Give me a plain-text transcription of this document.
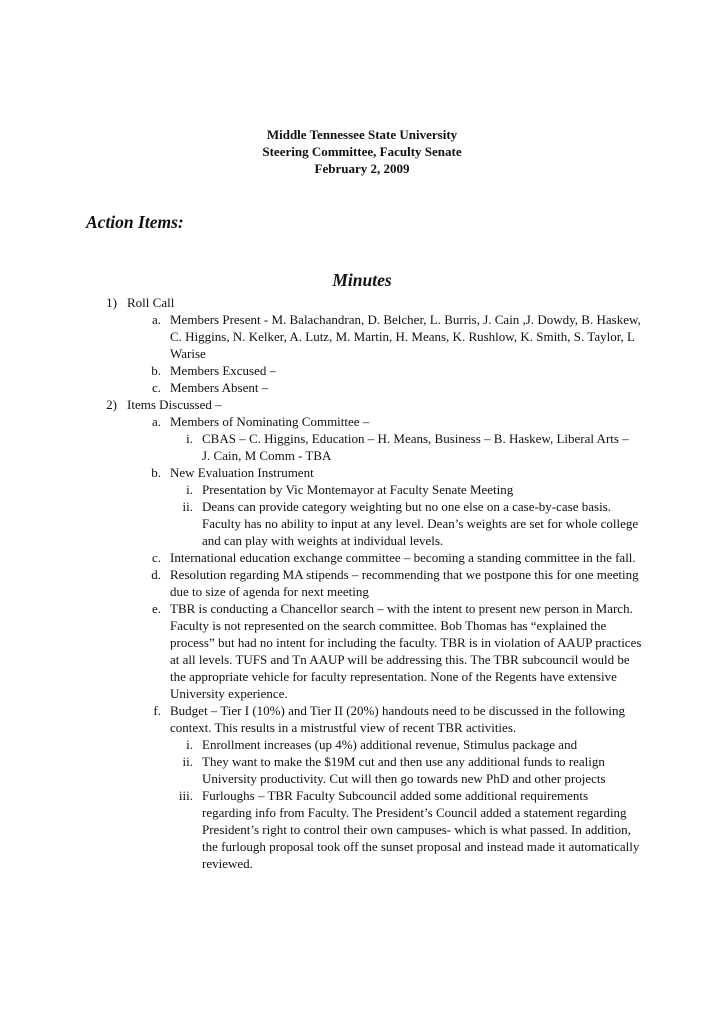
Middle Tennessee State University
Steering Committee, Faculty Senate
February 2, 2009
Action Items:
Minutes
1) Roll Call
a. Members Present - M. Balachandran, D. Belcher, L. Burris, J. Cain ,J. Dowdy, B. Haskew, C. Higgins, N. Kelker, A. Lutz, M. Martin, H. Means, K. Rushlow, K. Smith, S. Taylor, L Warise
b. Members Excused –
c. Members Absent –
2) Items Discussed –
a. Members of Nominating Committee –
i. CBAS – C. Higgins, Education – H. Means, Business – B. Haskew, Liberal Arts – J. Cain, M Comm - TBA
b. New Evaluation Instrument
i. Presentation by Vic Montemayor at Faculty Senate Meeting
ii. Deans can provide category weighting but no one else on a case-by-case basis. Faculty has no ability to input at any level. Dean’s weights are set for whole college and can play with weights at individual levels.
c. International education exchange committee – becoming a standing committee in the fall.
d. Resolution regarding MA stipends – recommending that we postpone this for one meeting due to size of agenda for next meeting
e. TBR is conducting a Chancellor search – with the intent to present new person in March. Faculty is not represented on the search committee. Bob Thomas has “explained the process” but had no intent for including the faculty. TBR is in violation of AAUP practices at all levels. TUFS and Tn AAUP will be addressing this. The TBR subcouncil would be the appropriate vehicle for faculty representation. None of the Regents have extensive University experience.
f. Budget – Tier I (10%) and Tier II (20%) handouts need to be discussed in the following context. This results in a mistrustful view of recent TBR activities.
i. Enrollment increases (up 4%) additional revenue, Stimulus package and
ii. They want to make the $19M cut and then use any additional funds to realign University productivity. Cut will then go towards new PhD and other projects
iii. Furloughs – TBR Faculty Subcouncil added some additional requirements regarding info from Faculty. The President’s Council added a statement regarding President’s right to control their own campuses- which is what passed. In addition, the furlough proposal took off the sunset proposal and instead made it automatically reviewed.
